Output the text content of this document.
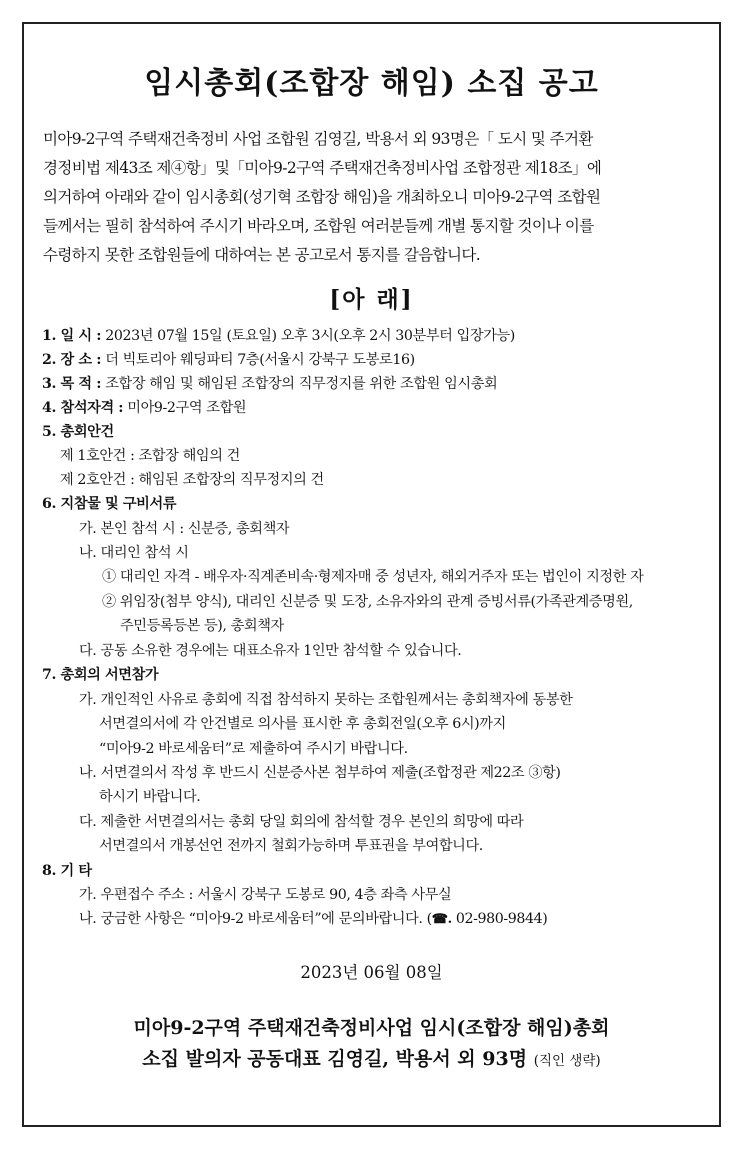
임시총회(조합장 해임) 소집 공고
미아9-2구역 주택재건축정비 사업 조합원 김영길, 박용서 외 93명은「 도시 및 주거환
경정비법 제43조 제④항」및「미아9-2구역 주택재건축정비사업 조합정관 제18조」에
의거하여 아래와 같이 임시총회(성기혁 조합장 해임)을 개최하오니 미아9-2구역 조합원
들께서는 필히 참석하여 주시기 바라오며, 조합원 여러분들께 개별 통지할 것이나 이를
수령하지 못한 조합원들에 대하여는 본 공고로서 통지를 갈음합니다.
[아 래]
1. 일 시 : 2023년 07월 15일 (토요일) 오후 3시(오후 2시 30분부터 입장가능)
2. 장 소 : 더 빅토리아 웨딩파티 7층(서울시 강북구 도봉로16)
3. 목 적 : 조합장 해임 및 해임된 조합장의 직무정지를 위한 조합원 임시총회
4. 참석자격 : 미아9-2구역 조합원
5. 총회안건
제 1호안건 : 조합장 해임의 건
제 2호안건 : 해임된 조합장의 직무정지의 건
6. 지참물 및 구비서류
가. 본인 참석 시 : 신분증, 총회책자
나. 대리인 참석 시
① 대리인 자격 - 배우자·직계존비속·형제자매 중 성년자, 해외거주자 또는 법인이 지정한 자
② 위임장(첨부 양식), 대리인 신분증 및 도장, 소유자와의 관계 증빙서류(가족관계증명원,
주민등록등본 등), 총회책자
다. 공동 소유한 경우에는 대표소유자 1인만 참석할 수 있습니다.
7. 총회의 서면참가
가. 개인적인 사유로 총회에 직접 참석하지 못하는 조합원께서는 총회책자에 동봉한
서면결의서에 각 안건별로 의사를 표시한 후 총회전일(오후 6시)까지
“미아9-2 바로세움터”로 제출하여 주시기 바랍니다.
나. 서면결의서 작성 후 반드시 신분증사본 첨부하여 제출(조합정관 제22조 ③항)
하시기 바랍니다.
다. 제출한 서면결의서는 총회 당일 회의에 참석할 경우 본인의 희망에 따라
서면결의서 개봉선언 전까지 철회가능하며 투표권을 부여합니다.
8. 기 타
가. 우편접수 주소 : 서울시 강북구 도봉로 90, 4층 좌측 사무실
나. 궁금한 사항은 “미아9-2 바로세움터”에 문의바랍니다. (☎. 02-980-9844)
2023년 06월 08일
미아9-2구역 주택재건축정비사업 임시(조합장 해임)총회
소집 발의자 공동대표 김영길, 박용서 외 93명 (직인 생략)
